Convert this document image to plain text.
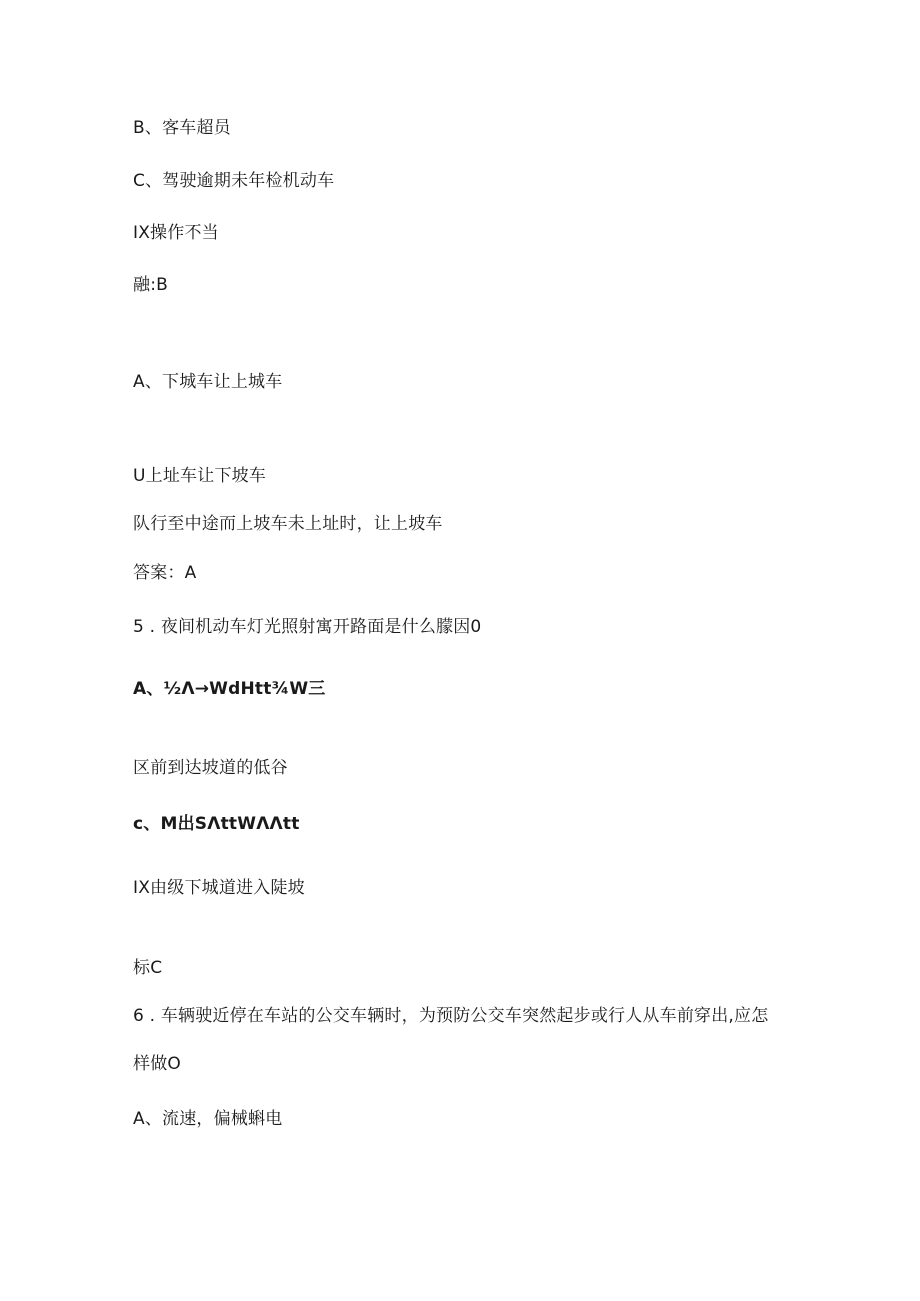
B、客车超员
C、驾驶逾期未年检机动车
IX操作不当
融:B
A、下城车让上城车
U上址车让下坡车
队行至中途而上坡车未上址时，让上坡车
答案：A
5 . 夜间机动车灯光照射寓开路面是什么朦因0
A、½Λ→WdHtt¾W三
区前到达坡道的低谷
c、M出SΛttWΛΛtt
IX由级下城道进入陡坡
标C
6 . 车辆驶近停在车站的公交车辆时，为预防公交车突然起步或行人从车前穿出,应怎
样做O
A、流速，偏械蝌电
